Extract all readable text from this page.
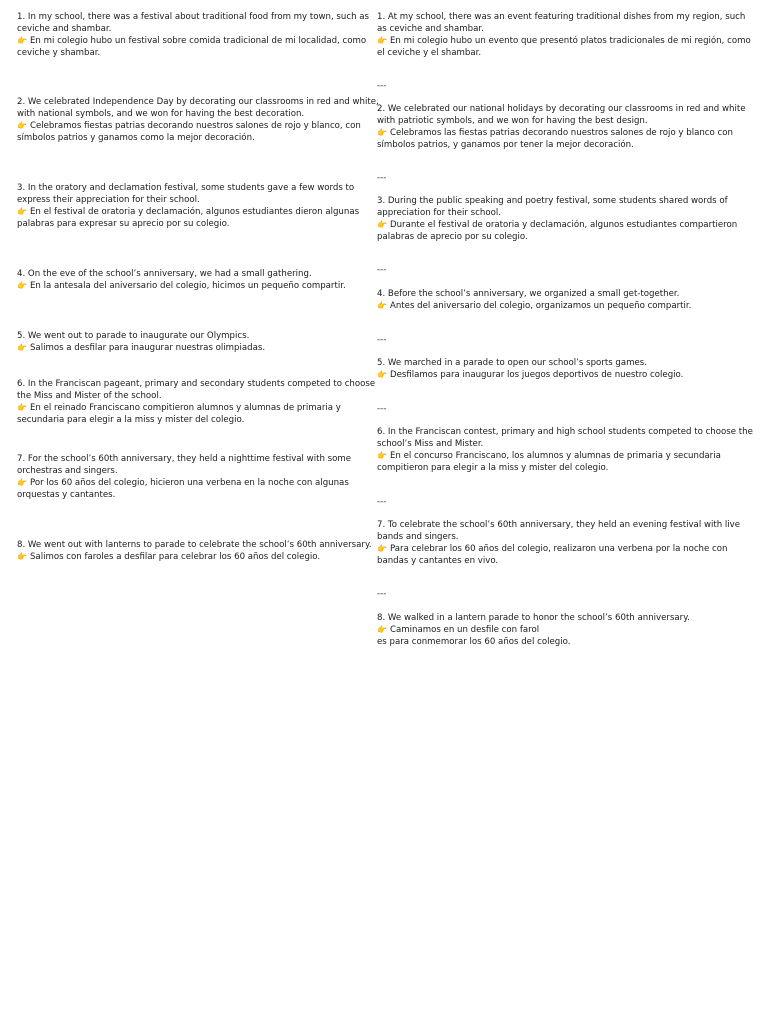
1. In my school, there was a festival about traditional food from my town, such as ceviche and shambar.

👉 En mi colegio hubo un festival sobre comida tradicional de mi localidad, como ceviche y shambar.

2. We celebrated Independence Day by decorating our classrooms in red and white, with national symbols, and we won for having the best decoration.

👉 Celebramos fiestas patrias decorando nuestros salones de rojo y blanco, con símbolos patrios y ganamos como la mejor decoración.

3. In the oratory and declamation festival, some students gave a few words to express their appreciation for their school.

👉 En el festival de oratoria y declamación, algunos estudiantes dieron algunas palabras para expresar su aprecio por su colegio.

4. On the eve of the school’s anniversary, we had a small gathering.

👉 En la antesala del aniversario del colegio, hicimos un pequeño compartir.

5. We went out to parade to inaugurate our Olympics.

👉 Salimos a desfilar para inaugurar nuestras olimpiadas.

6. In the Franciscan pageant, primary and secondary students competed to choose the Miss and Mister of the school.

👉 En el reinado Franciscano compitieron alumnos y alumnas de primaria y secundaria para elegir a la miss y mister del colegio.

7. For the school’s 60th anniversary, they held a nighttime festival with some orchestras and singers.

👉 Por los 60 años del colegio, hicieron una verbena en la noche con algunas orquestas y cantantes.

8. We went out with lanterns to parade to celebrate the school’s 60th anniversary.

👉 Salimos con faroles a desfilar para celebrar los 60 años del colegio.

1. At my school, there was an event featuring traditional dishes from my region, such as ceviche and shambar.

👉 En mi colegio hubo un evento que presentó platos tradicionales de mi región, como el ceviche y el shambar.

---

2. We celebrated our national holidays by decorating our classrooms in red and white with patriotic symbols, and we won for having the best design.

👉 Celebramos las fiestas patrias decorando nuestros salones de rojo y blanco con símbolos patrios, y ganamos por tener la mejor decoración.

---

3. During the public speaking and poetry festival, some students shared words of appreciation for their school.

👉 Durante el festival de oratoria y declamación, algunos estudiantes compartieron palabras de aprecio por su colegio.

---

4. Before the school’s anniversary, we organized a small get-together.

👉 Antes del aniversario del colegio, organizamos un pequeño compartir.

---

5. We marched in a parade to open our school’s sports games.

👉 Desfilamos para inaugurar los juegos deportivos de nuestro colegio.

---

6. In the Franciscan contest, primary and high school students competed to choose the school’s Miss and Mister.

👉 En el concurso Franciscano, los alumnos y alumnas de primaria y secundaria compitieron para elegir a la miss y mister del colegio.

---

7. To celebrate the school’s 60th anniversary, they held an evening festival with live bands and singers.

👉 Para celebrar los 60 años del colegio, realizaron una verbena por la noche con bandas y cantantes en vivo.

---

8. We walked in a lantern parade to honor the school’s 60th anniversary.

👉 Caminamos en un desfile con farol

es para conmemorar los 60 años del colegio.
